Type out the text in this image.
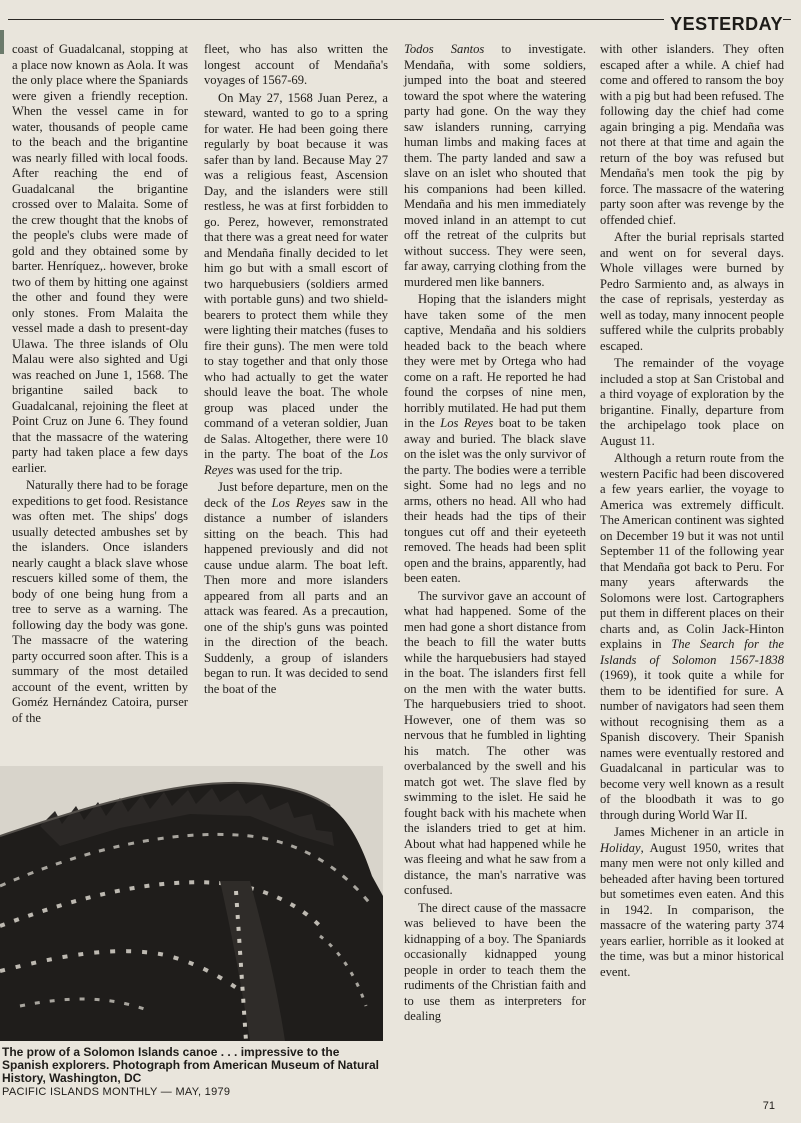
YESTERDAY

coast of Guadalcanal, stopping at a place now known as Aola. It was the only place where the Spaniards were given a friendly reception. When the vessel came in for water, thousands of people came to the beach and the brigantine was nearly filled with local foods. After reaching the end of Guadalcanal the brigantine crossed over to Malaita. Some of the crew thought that the knobs of the people's clubs were made of gold and they obtained some by barter. Henríquez,. however, broke two of them by hitting one against the other and found they were only stones. From Malaita the vessel made a dash to present-day Ulawa. The three islands of Olu Malau were also sighted and Ugi was reached on June 1, 1568. The brigantine sailed back to Guadalcanal, rejoining the fleet at Point Cruz on June 6. They found that the massacre of the watering party had taken place a few days earlier.

Naturally there had to be forage expeditions to get food. Resistance was often met. The ships' dogs usually detected ambushes set by the islanders. Once islanders nearly caught a black slave whose rescuers killed some of them, the body of one being hung from a tree to serve as a warning. The following day the body was gone. The massacre of the watering party occurred soon after. This is a summary of the most detailed account of the event, written by Goméz Hernández Catoira, purser of the

fleet, who has also written the longest account of Mendaña's voyages of 1567-69.

On May 27, 1568 Juan Perez, a steward, wanted to go to a spring for water. He had been going there regularly by boat because it was safer than by land. Because May 27 was a religious feast, Ascension Day, and the islanders were still restless, he was at first forbidden to go. Perez, however, remonstrated that there was a great need for water and Mendaña finally decided to let him go but with a small escort of two harquebusiers (soldiers armed with portable guns) and two shield-bearers to protect them while they were lighting their matches (fuses to fire their guns). The men were told to stay together and that only those who had actually to get the water should leave the boat. The whole group was placed under the command of a veteran soldier, Juan de Salas. Altogether, there were 10 in the party. The boat of the Los Reyes was used for the trip.

Just before departure, men on the deck of the Los Reyes saw in the distance a number of islanders sitting on the beach. This had happened previously and did not cause undue alarm. The boat left. Then more and more islanders appeared from all parts and an attack was feared. As a precaution, one of the ship's guns was pointed in the direction of the beach. Suddenly, a group of islanders began to run. It was decided to send the boat of the

Todos Santos to investigate. Mendaña, with some soldiers, jumped into the boat and steered toward the spot where the watering party had gone. On the way they saw islanders running, carrying human limbs and making faces at them. The party landed and saw a slave on an islet who shouted that his companions had been killed. Mendaña and his men immediately moved inland in an attempt to cut off the retreat of the culprits but without success. They were seen, far away, carrying clothing from the murdered men like banners.

Hoping that the islanders might have taken some of the men captive, Mendaña and his soldiers headed back to the beach where they were met by Ortega who had come on a raft. He reported he had found the corpses of nine men, horribly mutilated. He had put them in the Los Reyes boat to be taken away and buried. The black slave on the islet was the only survivor of the party. The bodies were a terrible sight. Some had no legs and no arms, others no head. All who had their heads had the tips of their tongues cut off and their eyeteeth removed. The heads had been split open and the brains, apparently, had been eaten.

The survivor gave an account of what had happened. Some of the men had gone a short distance from the beach to fill the water butts while the harquebusiers had stayed in the boat. The islanders first fell on the men with the water butts. The harquebusiers tried to shoot. However, one of them was so nervous that he fumbled in lighting his match. The other was overbalanced by the swell and his match got wet. The slave fled by swimming to the islet. He said he fought back with his machete when the islanders tried to get at him. About what had happened while he was fleeing and what he saw from a distance, the man's narrative was confused.

The direct cause of the massacre was believed to have been the kidnapping of a boy. The Spaniards occasionally kidnapped young people in order to teach them the rudiments of the Christian faith and to use them as interpreters for dealing

with other islanders. They often escaped after a while. A chief had come and offered to ransom the boy with a pig but had been refused. The following day the chief had come again bringing a pig. Mendaña was not there at that time and again the return of the boy was refused but Mendaña's men took the pig by force. The massacre of the watering party soon after was revenge by the offended chief.

After the burial reprisals started and went on for several days. Whole villages were burned by Pedro Sarmiento and, as always in the case of reprisals, yesterday as well as today, many innocent people suffered while the culprits probably escaped.

The remainder of the voyage included a stop at San Cristobal and a third voyage of exploration by the brigantine. Finally, departure from the archipelago took place on August 11.

Although a return route from the western Pacific had been discovered a few years earlier, the voyage to America was extremely difficult. The American continent was sighted on December 19 but it was not until September 11 of the following year that Mendaña got back to Peru. For many years afterwards the Solomons were lost. Cartographers put them in different places on their charts and, as Colin Jack-Hinton explains in The Search for the Islands of Solomon 1567-1838 (1969), it took quite a while for them to be identified for sure. A number of navigators had seen them without recognising them as a Spanish discovery. Their Spanish names were eventually restored and Guadalcanal in particular was to become very well known as a result of the bloodbath it was to go through during World War II.

James Michener in an article in Holiday, August 1950, writes that many men were not only killed and beheaded after having been tortured but sometimes even eaten. And this in 1942. In comparison, the massacre of the watering party 374 years earlier, horrible as it looked at the time, was but a minor historical event.

The prow of a Solomon Islands canoe . . . impressive to the Spanish explorers. Photograph from American Museum of Natural History, Washington, DC
PACIFIC ISLANDS MONTHLY — MAY, 1979
71
